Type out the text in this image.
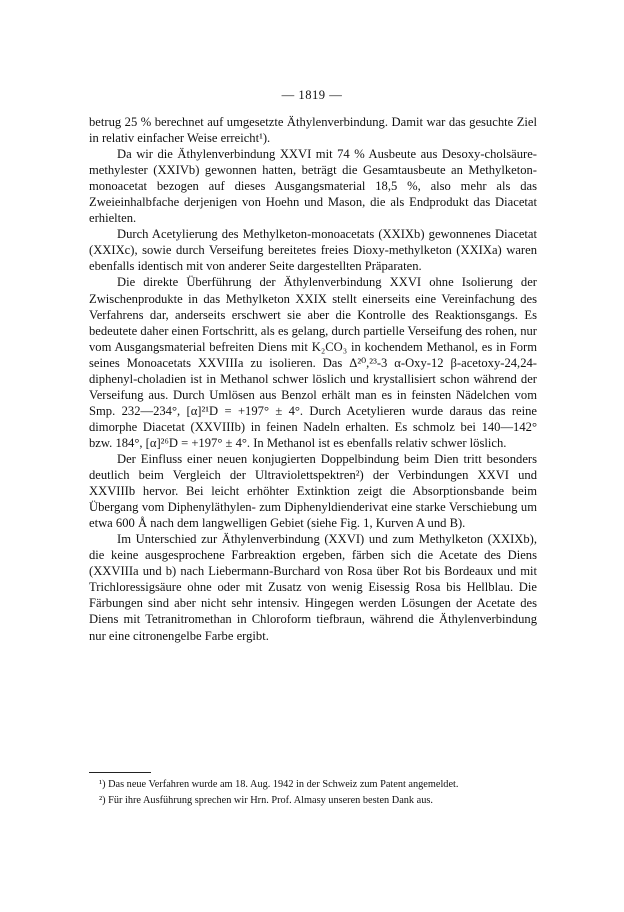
— 1819 —

betrug 25 % berechnet auf umgesetzte Äthylenverbindung. Damit war das gesuchte Ziel in relativ einfacher Weise erreicht¹).

Da wir die Äthylenverbindung XXVI mit 74 % Ausbeute aus Desoxy-cholsäure-methylester (XXIVb) gewonnen hatten, beträgt die Gesamtausbeute an Methylketon-monoacetat bezogen auf dieses Ausgangsmaterial 18,5 %, also mehr als das Zweieinhalbfache derjenigen von Hoehn und Mason, die als Endprodukt das Diacetat erhielten.

Durch Acetylierung des Methylketon-monoacetats (XXIXb) gewonnenes Diacetat (XXIXc), sowie durch Verseifung bereitetes freies Dioxy-methylketon (XXIXa) waren ebenfalls identisch mit von anderer Seite dargestellten Präparaten.

Die direkte Überführung der Äthylenverbindung XXVI ohne Isolierung der Zwischenprodukte in das Methylketon XXIX stellt einerseits eine Vereinfachung des Verfahrens dar, anderseits erschwert sie aber die Kontrolle des Reaktionsgangs. Es bedeutete daher einen Fortschritt, als es gelang, durch partielle Verseifung des rohen, nur vom Ausgangsmaterial befreiten Diens mit K₂CO₃ in kochendem Methanol, es in Form seines Monoacetats XXVIIIa zu isolieren. Das Δ²⁰,²³-3 α-Oxy-12 β-acetoxy-24,24-diphenyl-choladien ist in Methanol schwer löslich und krystallisiert schon während der Verseifung aus. Durch Umlösen aus Benzol erhält man es in feinsten Nädelchen vom Smp. 232—234°, [α]²¹D = +197° ± 4°. Durch Acetylieren wurde daraus das reine dimorphe Diacetat (XXVIIIb) in feinen Nadeln erhalten. Es schmolz bei 140—142° bzw. 184°, [α]²⁶D = +197° ± 4°. In Methanol ist es ebenfalls relativ schwer löslich.

Der Einfluss einer neuen konjugierten Doppelbindung beim Dien tritt besonders deutlich beim Vergleich der Ultraviolettspektren²) der Verbindungen XXVI und XXVIIIb hervor. Bei leicht erhöhter Extinktion zeigt die Absorptionsbande beim Übergang vom Diphenyläthylen- zum Diphenyldienderivat eine starke Verschiebung um etwa 600 Å nach dem langwelligen Gebiet (siehe Fig. 1, Kurven A und B).

Im Unterschied zur Äthylenverbindung (XXVI) und zum Methylketon (XXIXb), die keine ausgesprochene Farbreaktion ergeben, färben sich die Acetate des Diens (XXVIIIa und b) nach Liebermann-Burchard von Rosa über Rot bis Bordeaux und mit Trichloressigsäure ohne oder mit Zusatz von wenig Eisessig Rosa bis Hellblau. Die Färbungen sind aber nicht sehr intensiv. Hingegen werden Lösungen der Acetate des Diens mit Tetranitromethan in Chloroform tiefbraun, während die Äthylenverbindung nur eine citronengelbe Farbe ergibt.

¹) Das neue Verfahren wurde am 18. Aug. 1942 in der Schweiz zum Patent angemeldet.

²) Für ihre Ausführung sprechen wir Hrn. Prof. Almasy unseren besten Dank aus.
